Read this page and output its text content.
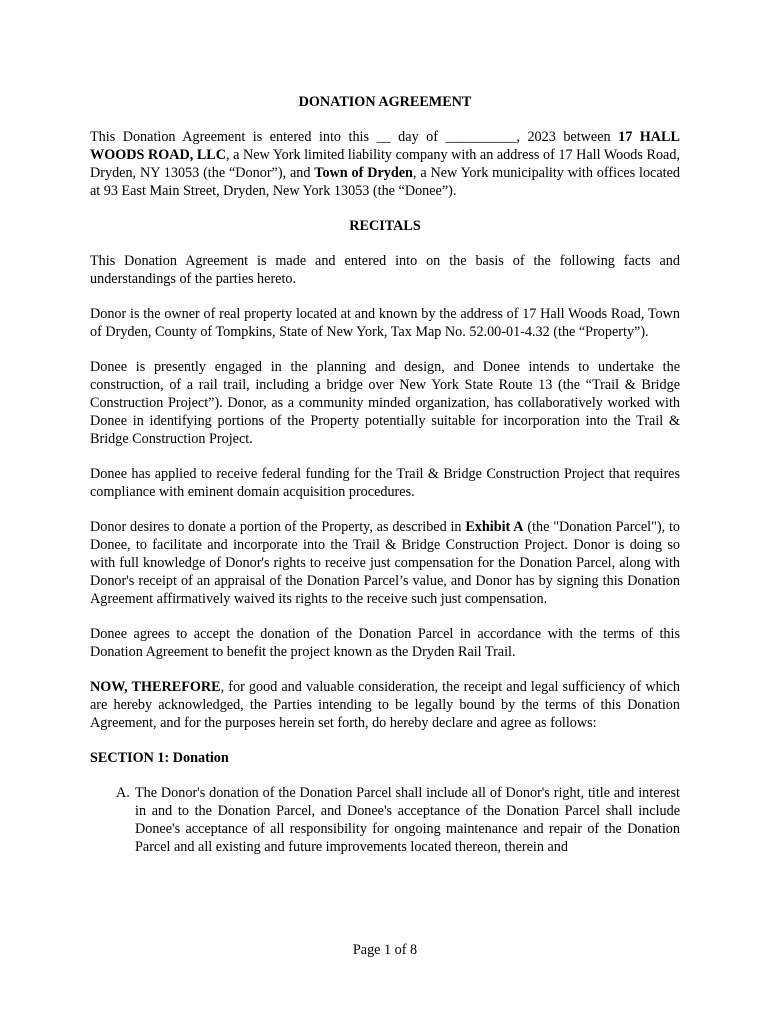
DONATION AGREEMENT

This Donation Agreement is entered into this __ day of __________, 2023 between 17 HALL WOODS ROAD, LLC, a New York limited liability company with an address of 17 Hall Woods Road, Dryden, NY 13053 (the “Donor”), and Town of Dryden, a New York municipality with offices located at 93 East Main Street, Dryden, New York 13053 (the “Donee”).

RECITALS

This Donation Agreement is made and entered into on the basis of the following facts and understandings of the parties hereto.

Donor is the owner of real property located at and known by the address of 17 Hall Woods Road, Town of Dryden, County of Tompkins, State of New York, Tax Map No. 52.00-01-4.32 (the “Property”).

Donee is presently engaged in the planning and design, and Donee intends to undertake the construction, of a rail trail, including a bridge over New York State Route 13 (the “Trail & Bridge Construction Project”). Donor, as a community minded organization, has collaboratively worked with Donee in identifying portions of the Property potentially suitable for incorporation into the Trail & Bridge Construction Project.

Donee has applied to receive federal funding for the Trail & Bridge Construction Project that requires compliance with eminent domain acquisition procedures.

Donor desires to donate a portion of the Property, as described in Exhibit A (the "Donation Parcel"), to Donee, to facilitate and incorporate into the Trail & Bridge Construction Project. Donor is doing so with full knowledge of Donor's rights to receive just compensation for the Donation Parcel, along with Donor's receipt of an appraisal of the Donation Parcel’s value, and Donor has by signing this Donation Agreement affirmatively waived its rights to the receive such just compensation.

Donee agrees to accept the donation of the Donation Parcel in accordance with the terms of this Donation Agreement to benefit the project known as the Dryden Rail Trail.

NOW, THEREFORE, for good and valuable consideration, the receipt and legal sufficiency of which are hereby acknowledged, the Parties intending to be legally bound by the terms of this Donation Agreement, and for the purposes herein set forth, do hereby declare and agree as follows:

SECTION 1: Donation
A. The Donor's donation of the Donation Parcel shall include all of Donor's right, title and interest in and to the Donation Parcel, and Donee's acceptance of the Donation Parcel shall include Donee's acceptance of all responsibility for ongoing maintenance and repair of the Donation Parcel and all existing and future improvements located thereon, therein and
Page 1 of 8
